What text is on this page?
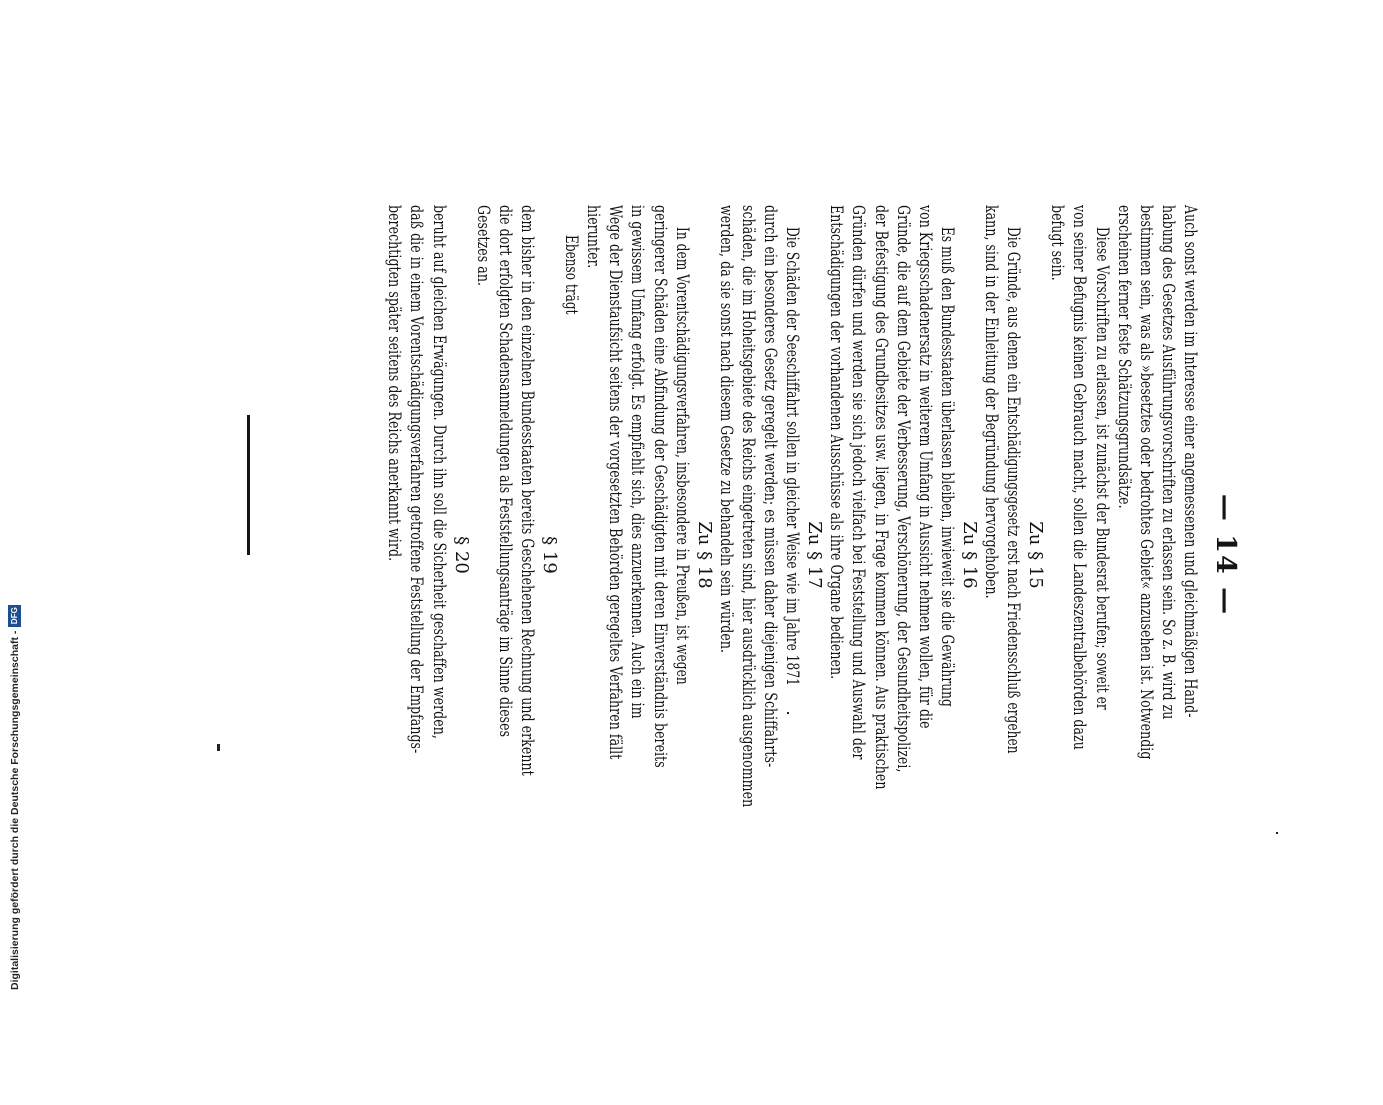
— 14 —
Auch sonst werden im Interesse einer angemessenen und gleichmäßigen Hand-
habung des Gesetzes Ausführungsvorschriften zu erlassen sein. So z. B. wird zu
bestimmen sein, was als »besetztes oder bedrohtes Gebiet« anzusehen ist. Notwendig
erscheinen ferner feste Schätzungsgrundsätze.
Diese Vorschriften zu erlassen, ist zunächst der Bundesrat berufen; soweit er
von seiner Befugnis keinen Gebrauch macht, sollen die Landeszentralbehörden dazu
befugt sein.
Die Gründe, aus denen ein Entschädigungsgesetz erst nach Friedensschluß ergehen
kann, sind in der Einleitung der Begründung hervorgehoben.
Es muß den Bundesstaaten überlassen bleiben, inwieweit sie die Gewährung
von Kriegsschadenersatz in weiterem Umfang in Aussicht nehmen wollen, für die
Gründe, die auf dem Gebiete der Verbesserung, Verschönerung, der Gesundheitspolizei,
der Befestigung des Grundbesitzes usw. liegen, in Frage kommen können. Aus praktischen
Gründen dürfen und werden sie sich jedoch vielfach bei Feststellung und Auswahl der
Entschädigungen der vorhandenen Ausschüsse als ihre Organe bedienen.
Die Schäden der Seeschiffahrt sollen in gleicher Weise wie im Jahre 1871
durch ein besonderes Gesetz geregelt werden; es müssen daher diejenigen Schiffahrts-
schäden, die im Hoheitsgebiete des Reichs eingetreten sind, hier ausdrücklich ausgenommen
werden, da sie sonst nach diesem Gesetze zu behandeln sein würden.
In dem Vorentschädigungsverfahren, insbesondere in Preußen, ist wegen
geringerer Schäden eine Abfindung der Geschädigten mit deren Einverständnis bereits
in gewissem Umfang erfolgt. Es empfiehlt sich, dies anzuerkennen. Auch ein im
Wege der Dienstaufsicht seitens der vorgesetzten Behörden geregeltes Verfahren fällt
hierunter.
Ebenso trägt
dem bisher in den einzelnen Bundesstaaten bereits Geschehenen Rechnung und erkennt
die dort erfolgten Schadensanmeldungen als Feststellungsanträge im Sinne dieses
Gesetzes an.
beruht auf gleichen Erwägungen. Durch ihn soll die Sicherheit geschaffen werden,
daß die in einem Vorentschädigungsverfahren getroffene Feststellung der Empfangs-
berechtigten später seitens des Reichs anerkannt wird.	Zu § 15
Zu § 16
Zu § 17
Zu § 18
§ 19
§ 20
Digitalisierung gefördert durch die Deutsche Forschungsgemeinschaft -
DFG
